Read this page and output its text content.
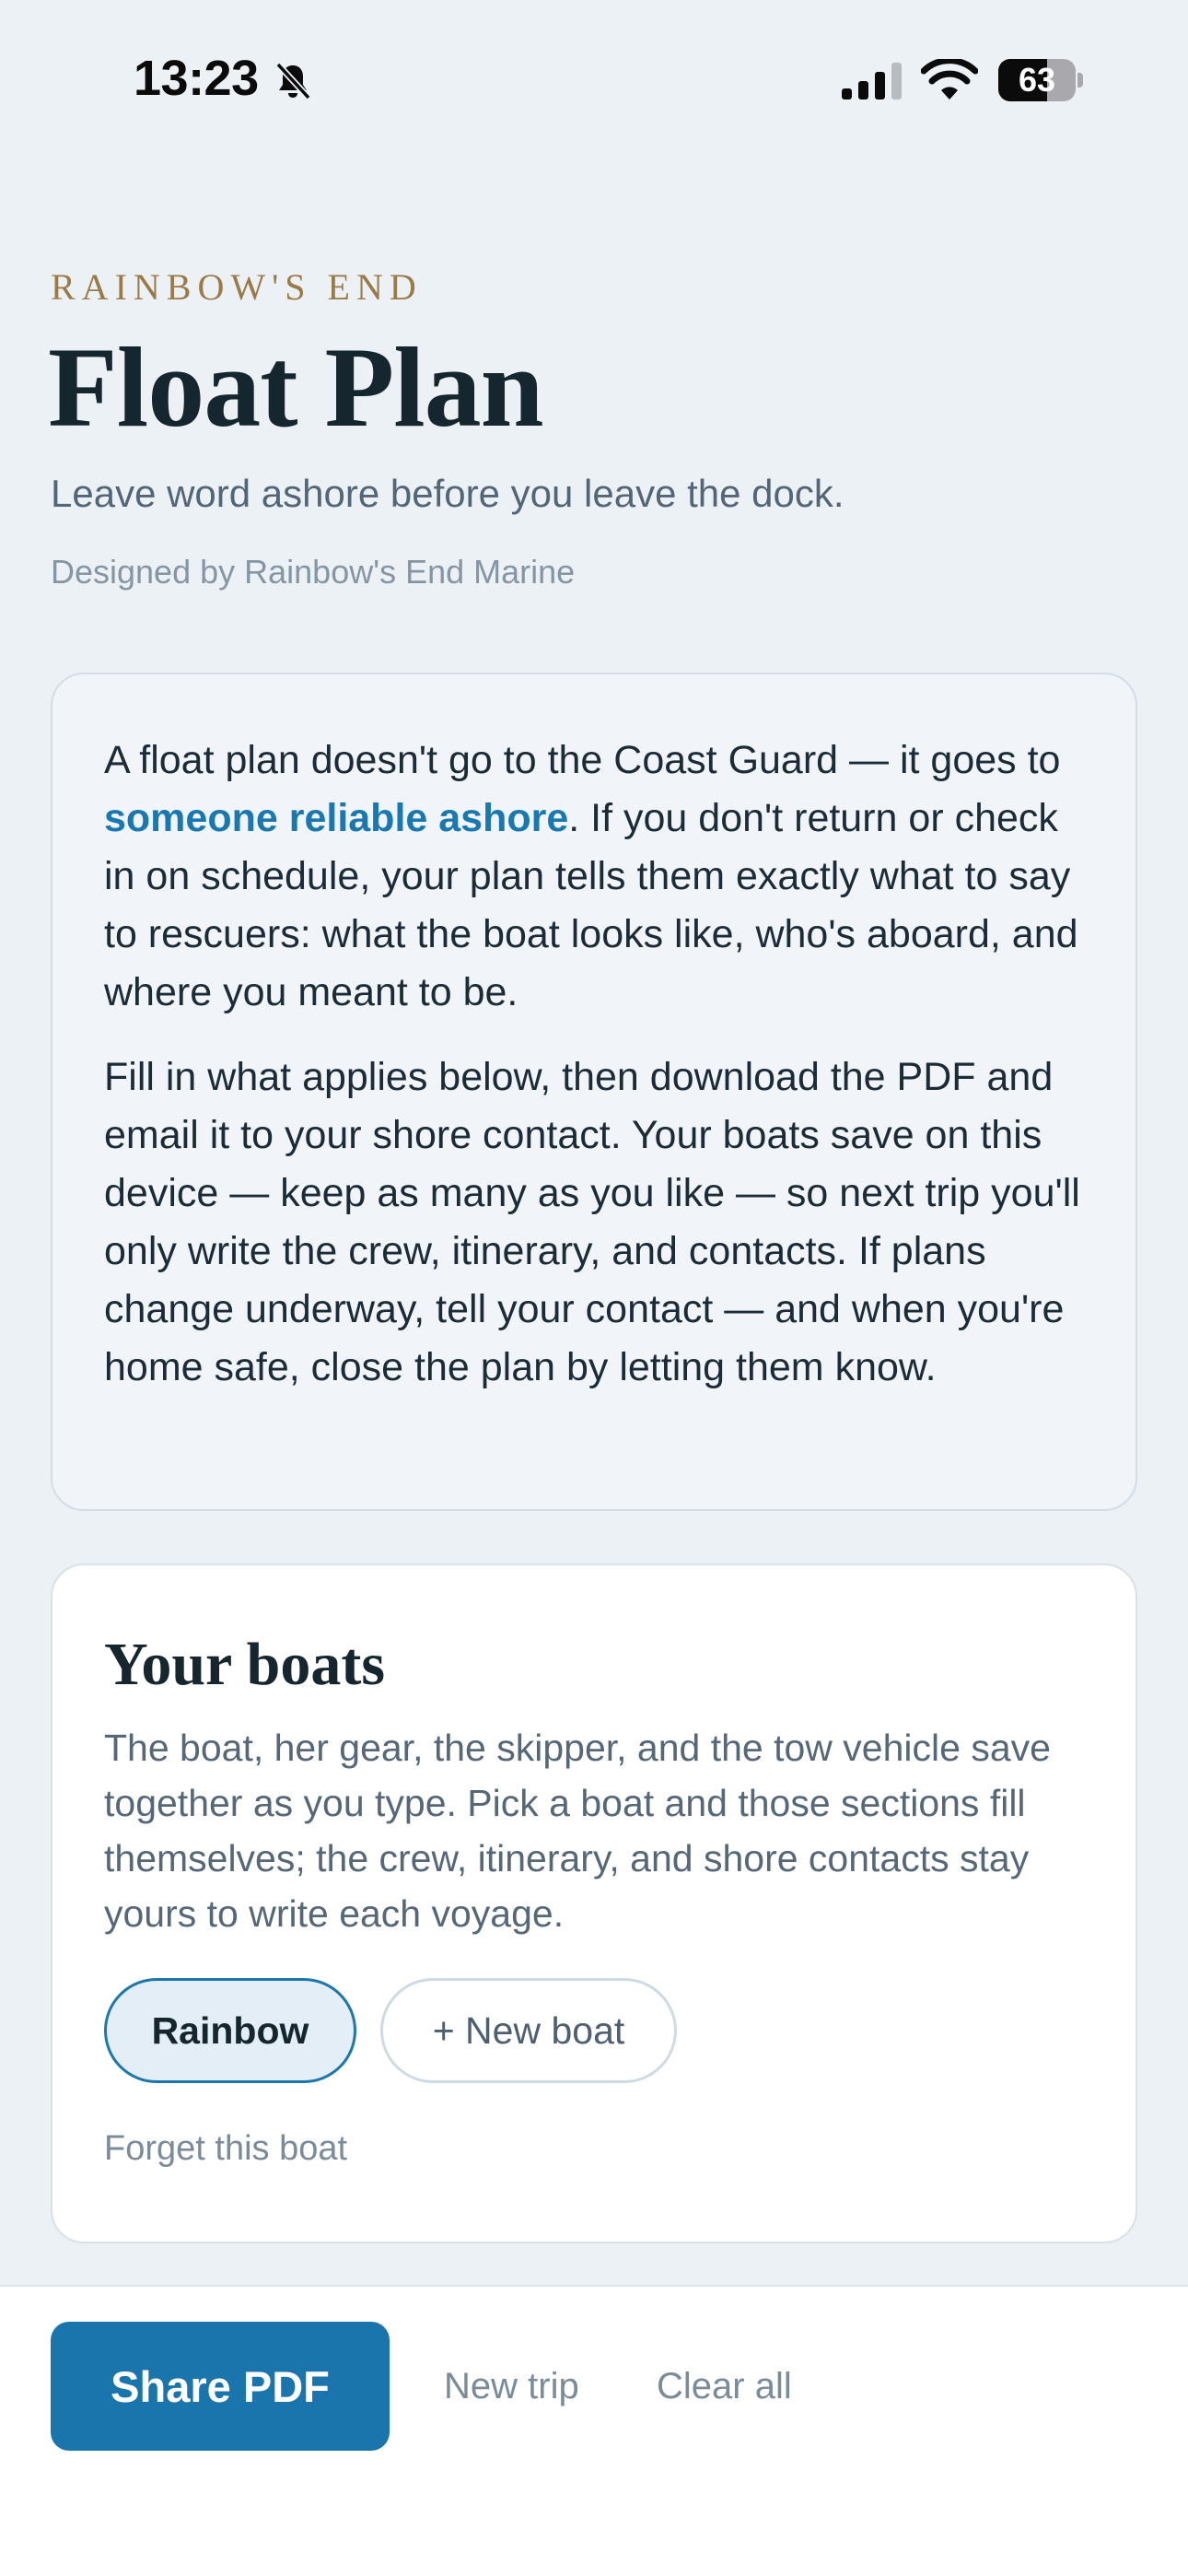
13:23	63
RAINBOW'S END
Float Plan
Leave word ashore before you leave the dock.
Designed by Rainbow's End Marine

A float plan doesn't go to the Coast Guard — it goes to someone reliable ashore. If you don't return or check in on schedule, your plan tells them exactly what to say to rescuers: what the boat looks like, who's aboard, and where you meant to be.

Fill in what applies below, then download the PDF and email it to your shore contact. Your boats save on this device — keep as many as you like — so next trip you'll only write the crew, itinerary, and contacts. If plans change underway, tell your contact — and when you're home safe, close the plan by letting them know.

Your boats
The boat, her gear, the skipper, and the tow vehicle save together as you type. Pick a boat and those sections fill themselves; the crew, itinerary, and shore contacts stay yours to write each voyage.
Rainbow	+ New boat
Forget this boat
Share PDF	New trip Clear all
